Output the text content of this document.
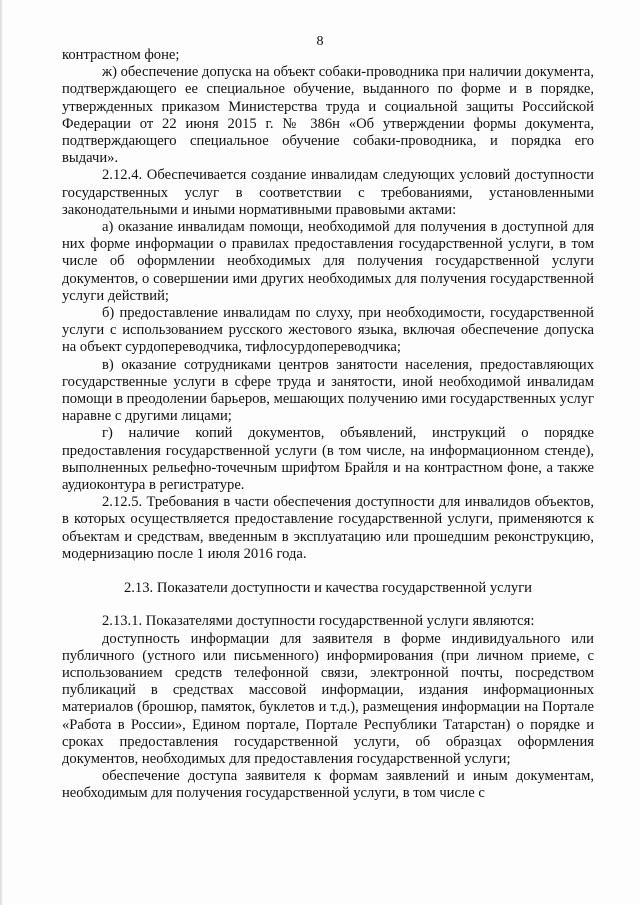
8

контрастном фоне;

ж) обеспечение допуска на объект собаки-проводника при наличии документа, подтверждающего ее специальное обучение, выданного по форме и в порядке, утвержденных приказом Министерства труда и социальной защиты Российской Федерации от 22 июня 2015 г. № 386н «Об утверждении формы документа, подтверждающего специальное обучение собаки-проводника, и порядка его выдачи».

2.12.4. Обеспечивается создание инвалидам следующих условий доступности государственных услуг в соответствии с требованиями, установленными законодательными и иными нормативными правовыми актами:

а) оказание инвалидам помощи, необходимой для получения в доступной для них форме информации о правилах предоставления государственной услуги, в том числе об оформлении необходимых для получения государственной услуги документов, о совершении ими других необходимых для получения государственной услуги действий;

б) предоставление инвалидам по слуху, при необходимости, государственной услуги с использованием русского жестового языка, включая обеспечение допуска на объект сурдопереводчика, тифлосурдопереводчика;

в) оказание сотрудниками центров занятости населения, предоставляющих государственные услуги в сфере труда и занятости, иной необходимой инвалидам помощи в преодолении барьеров, мешающих получению ими государственных услуг наравне с другими лицами;

г) наличие копий документов, объявлений, инструкций о порядке предоставления государственной услуги (в том числе, на информационном стенде), выполненных рельефно-точечным шрифтом Брайля и на контрастном фоне, а также аудиоконтура в регистратуре.

2.12.5. Требования в части обеспечения доступности для инвалидов объектов, в которых осуществляется предоставление государственной услуги, применяются к объектам и средствам, введенным в эксплуатацию или прошедшим реконструкцию, модернизацию после 1 июля 2016 года.

2.13. Показатели доступности и качества государственной услуги

2.13.1. Показателями доступности государственной услуги являются:

доступность информации для заявителя в форме индивидуального или публичного (устного или письменного) информирования (при личном приеме, с использованием средств телефонной связи, электронной почты, посредством публикаций в средствах массовой информации, издания информационных материалов (брошюр, памяток, буклетов и т.д.), размещения информации на Портале «Работа в России», Едином портале, Портале Республики Татарстан) о порядке и сроках предоставления государственной услуги, об образцах оформления документов, необходимых для предоставления государственной услуги;

обеспечение доступа заявителя к формам заявлений и иным документам, необходимым для получения государственной услуги, в том числе с
